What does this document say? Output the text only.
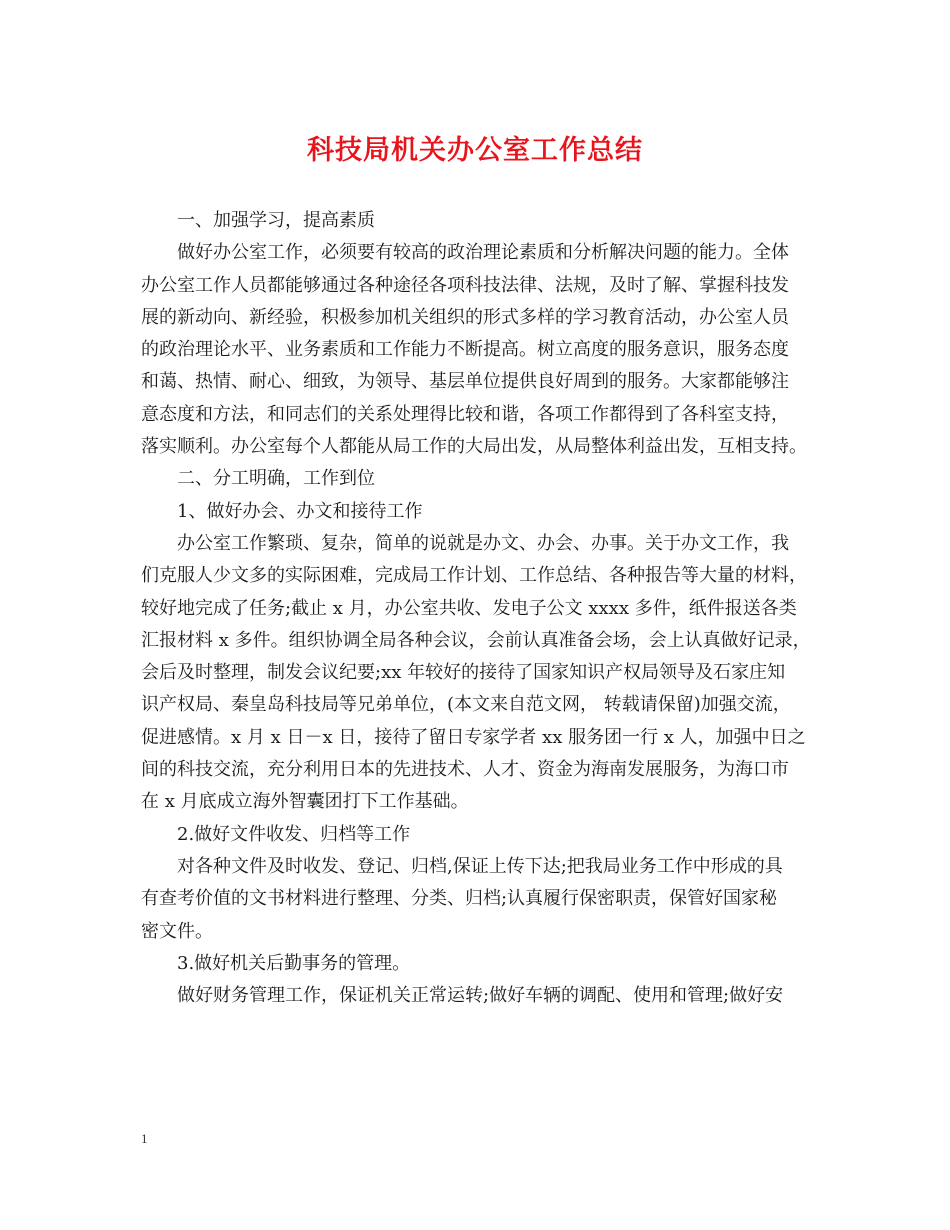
科技局机关办公室工作总结
一、加强学习，提高素质
做好办公室工作，必须要有较高的政治理论素质和分析解决问题的能力。全体
办公室工作人员都能够通过各种途径各项科技法律、法规，及时了解、掌握科技发
展的新动向、新经验，积极参加机关组织的形式多样的学习教育活动，办公室人员
的政治理论水平、业务素质和工作能力不断提高。树立高度的服务意识，服务态度
和蔼、热情、耐心、细致，为领导、基层单位提供良好周到的服务。大家都能够注
意态度和方法，和同志们的关系处理得比较和谐，各项工作都得到了各科室支持，
落实顺利。办公室每个人都能从局工作的大局出发，从局整体利益出发，互相支持。
二、分工明确，工作到位
1、做好办会、办文和接待工作
办公室工作繁琐、复杂，简单的说就是办文、办会、办事。关于办文工作，我
们克服人少文多的实际困难，完成局工作计划、工作总结、各种报告等大量的材料，
较好地完成了任务;截止 x 月，办公室共收、发电子公文 xxxx 多件，纸件报送各类
汇报材料 x 多件。组织协调全局各种会议，会前认真准备会场，会上认真做好记录，
会后及时整理，制发会议纪要;xx 年较好的接待了国家知识产权局领导及石家庄知
识产权局、秦皇岛科技局等兄弟单位，(本文来自范文网， 转载请保留)加强交流，
促进感情。x 月 x 日－x 日，接待了留日专家学者 xx 服务团一行 x 人，加强中日之
间的科技交流，充分利用日本的先进技术、人才、资金为海南发展服务，为海口市
在 x 月底成立海外智囊团打下工作基础。
2.做好文件收发、归档等工作
对各种文件及时收发、登记、归档,保证上传下达;把我局业务工作中形成的具
有查考价值的文书材料进行整理、分类、归档;认真履行保密职责，保管好国家秘
密文件。
3.做好机关后勤事务的管理。
做好财务管理工作，保证机关正常运转;做好车辆的调配、使用和管理;做好安
1
